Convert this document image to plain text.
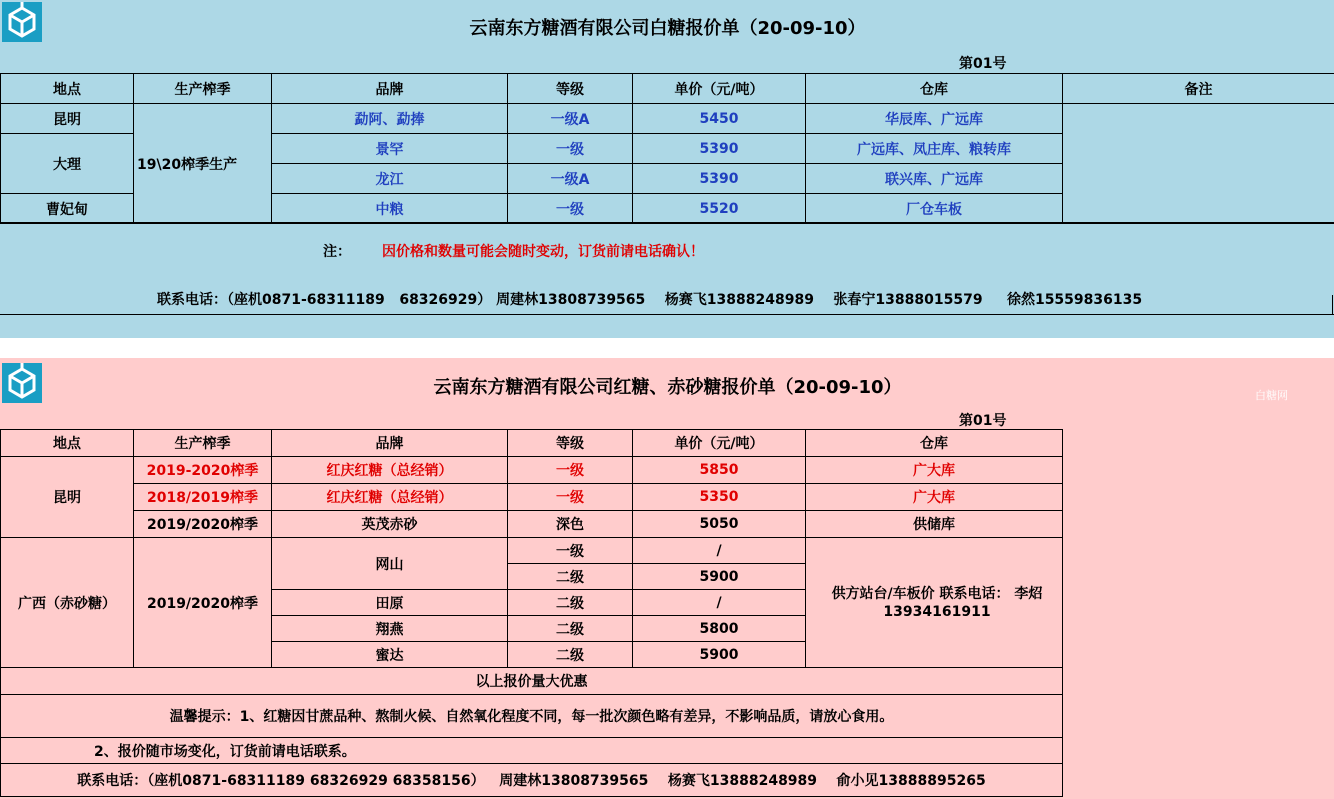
云南东方糖酒有限公司白糖报价单（20-09-10）
第01号
地点	生产榨季	品牌	等级	单价（元/吨）	仓库	备注
昆明	19\20榨季生产	勐阿、勐捧	一级A	5450	华辰库、广远库	
大理		景罕	一级	5390	广远库、凤庄库、粮转库	
		龙江	一级A	5390	联兴库、广远库	
曹妃甸		中粮	一级	5520	厂仓车板	
注： 因价格和数量可能会随时变动，订货前请电话确认！
联系电话：（座机0871-68311189   68326929） 周建林13808739565    杨赛飞13888248989    张春宁13888015579     徐然15559836135
云南东方糖酒有限公司红糖、赤砂糖报价单（20-09-10）	白糖网
第01号
地点	生产榨季	品牌	等级	单价（元/吨）	仓库
昆明	2019-2020榨季	红庆红糖（总经销）	一级	5850	广大库
	2018/2019榨季	红庆红糖（总经销）	一级	5350	广大库
	2019/2020榨季	英茂赤砂	深色	5050	供储库
广西（赤砂糖）	2019/2020榨季	网山	一级	/	供方站台/车板价 联系电话： 李炤 13934161911
			二级	5900	
		田原	二级	/	
		翔燕	二级	5800	
		蜜达	二级	5900	
以上报价量大优惠					
温馨提示：1、红糖因甘蔗品种、熬制火候、自然氧化程度不同，每一批次颜色略有差异，不影响品质，请放心食用。					
2、报价随市场变化，订货前请电话联系。					
联系电话：（座机0871-68311189 68326929 68358156）   周建林13808739565    杨赛飞13888248989    俞小见13888895265					
